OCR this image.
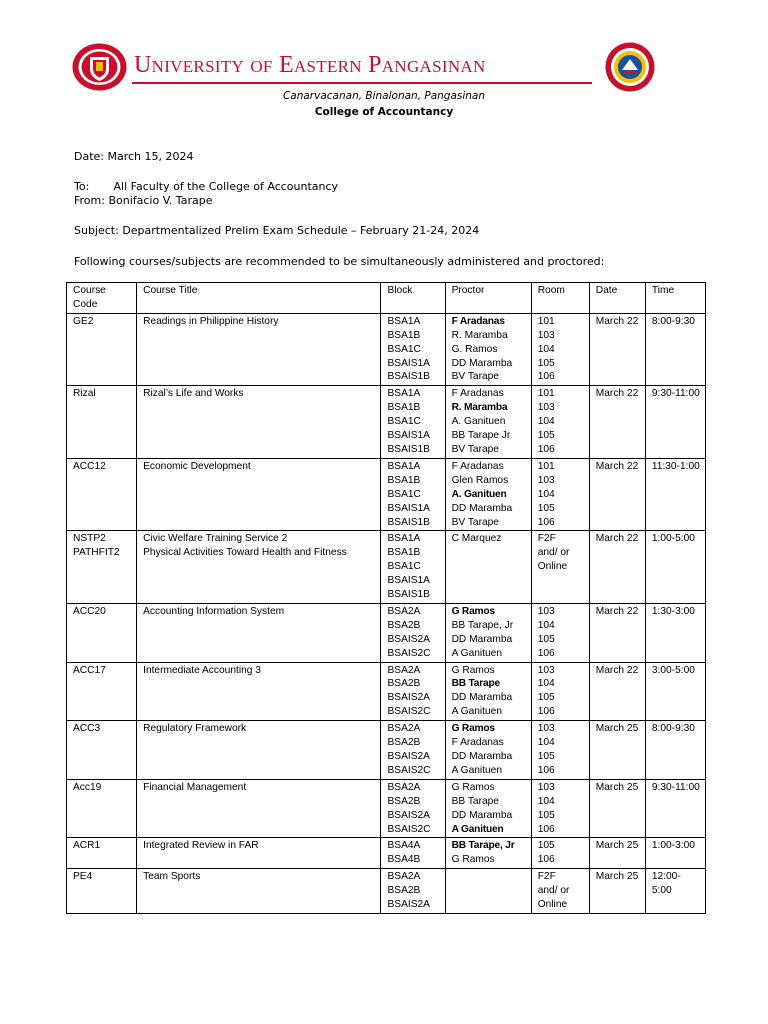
University of Eastern Pangasinan
Canarvacanan, Binalonan, Pangasinan
College of Accountancy
Date: March 15, 2024
To: All Faculty of the College of Accountancy
From: Bonifacio V. Tarape
Subject: Departmentalized Prelim Exam Schedule – February 21-24, 2024
Following courses/subjects are recommended to be simultaneously administered and proctored:
Course Code	Course Title	Block	Proctor	Room	Date	Time

GE2	Readings in Philippine History	BSA1A
BSA1B
BSA1C
BSAIS1A
BSAIS1B	F Aradanas
R. Maramba
G. Ramos
DD Maramba
BV Tarape	101
103
104
105
106	March 22	8:00-9:30

Rizal	Rizal’s Life and Works	BSA1A
BSA1B
BSA1C
BSAIS1A
BSAIS1B	F Aradanas
R. Maramba
A. Ganituen
BB Tarape Jr
BV Tarape	101
103
104
105
106	March 22	9:30-11:00

ACC12	Economic Development	BSA1A
BSA1B
BSA1C
BSAIS1A
BSAIS1B	F Aradanas
Glen Ramos
A. Ganituen
DD Maramba
BV Tarape	101
103
104
105
106	March 22	11:30-1:00

NSTP2
PATHFIT2	Civic Welfare Training Service 2
Physical Activities Toward Health and Fitness	BSA1A
BSA1B
BSA1C
BSAIS1A
BSAIS1B	C Marquez	F2F
and/ or
Online	March 22	1:00-5:00

ACC20	Accounting Information System	BSA2A
BSA2B
BSAIS2A
BSAIS2C	G Ramos
BB Tarape, Jr
DD Maramba
A Ganituen	103
104
105
106	March 22	1:30-3:00

ACC17	Intermediate Accounting 3	BSA2A
BSA2B
BSAIS2A
BSAIS2C	G Ramos
BB Tarape
DD Maramba
A Ganituen	103
104
105
106	March 22	3:00-5:00

ACC3	Regulatory Framework	BSA2A
BSA2B
BSAIS2A
BSAIS2C	G Ramos
F Aradanas
DD Maramba
A Ganituen	103
104
105
106	March 25	8:00-9:30

Acc19	Financial Management	BSA2A
BSA2B
BSAIS2A
BSAIS2C	G Ramos
BB Tarape
DD Maramba
A Ganituen	103
104
105
106	March 25	9:30-11:00

ACR1	Integrated Review in FAR	BSA4A
BSA4B	BB Tarape, Jr
G Ramos	105
106	March 25	1:00-3:00

PE4	Team Sports	BSA2A
BSA2B
BSAIS2A		F2F
and/ or
Online	March 25	12:00-5:00
